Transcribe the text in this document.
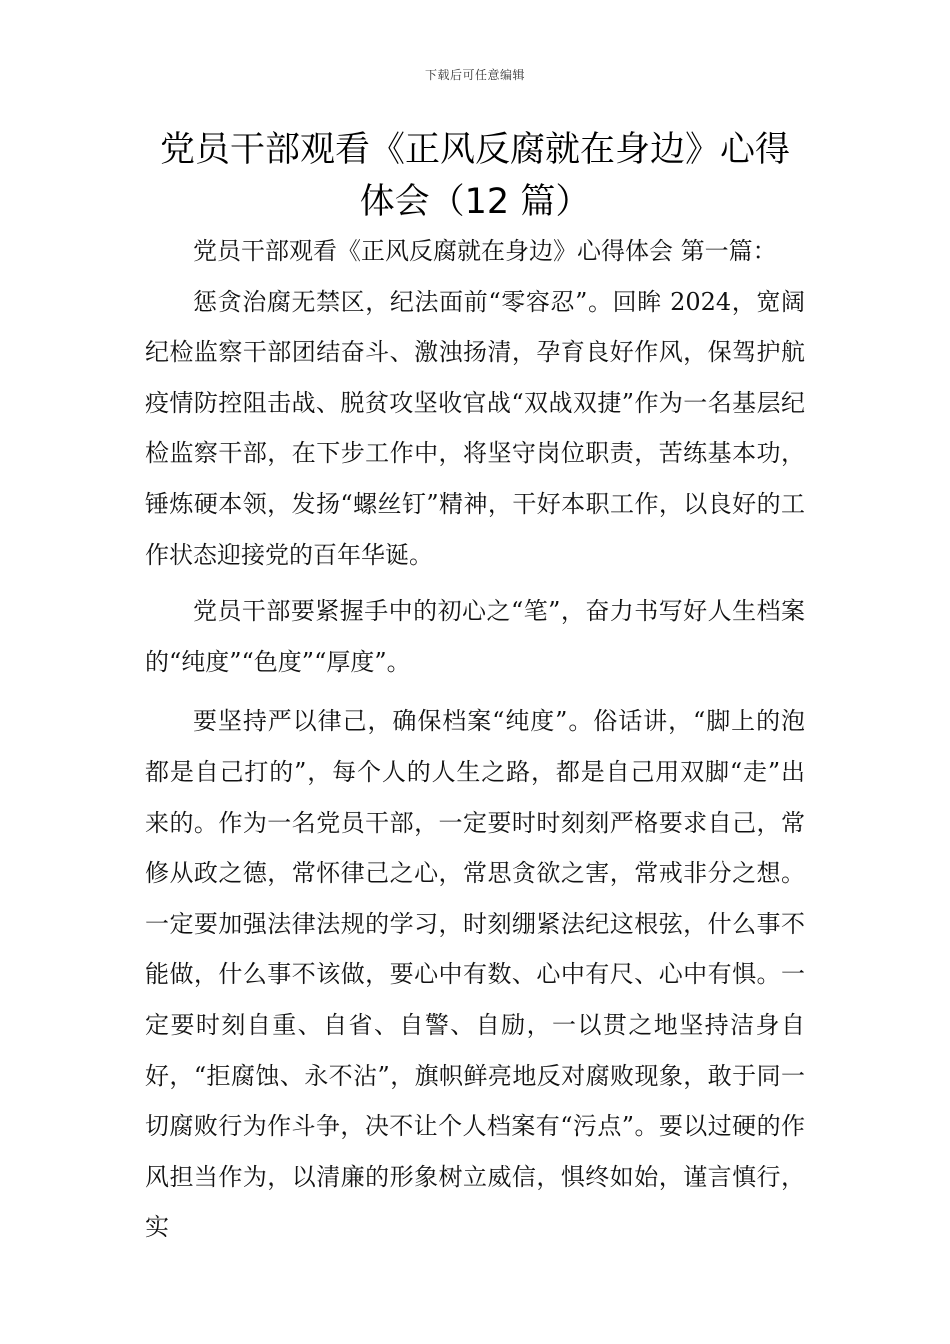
下载后可任意编辑
党员干部观看《正风反腐就在身边》心得体会（12 篇）

党员干部观看《正风反腐就在身边》心得体会 第一篇：

惩贪治腐无禁区，纪法面前“零容忍”。回眸 2024，宽阔纪检监察干部团结奋斗、激浊扬清，孕育良好作风，保驾护航疫情防控阻击战、脱贫攻坚收官战“双战双捷”作为一名基层纪检监察干部，在下步工作中，将坚守岗位职责，苦练基本功，锤炼硬本领，发扬“螺丝钉”精神，干好本职工作，以良好的工作状态迎接党的百年华诞。

党员干部要紧握手中的初心之“笔”，奋力书写好人生档案的“纯度”“色度”“厚度”。

要坚持严以律己，确保档案“纯度”。俗话讲，“脚上的泡都是自己打的”，每个人的人生之路，都是自己用双脚“走”出来的。作为一名党员干部，一定要时时刻刻严格要求自己，常修从政之德，常怀律己之心，常思贪欲之害，常戒非分之想。一定要加强法律法规的学习，时刻绷紧法纪这根弦，什么事不能做，什么事不该做，要心中有数、心中有尺、心中有惧。一定要时刻自重、自省、自警、自励，一以贯之地坚持洁身自好，“拒腐蚀、永不沾”，旗帜鲜亮地反对腐败现象，敢于同一切腐败行为作斗争，决不让个人档案有“污点”。要以过硬的作风担当作为，以清廉的形象树立威信，惧终如始，谨言慎行，实
